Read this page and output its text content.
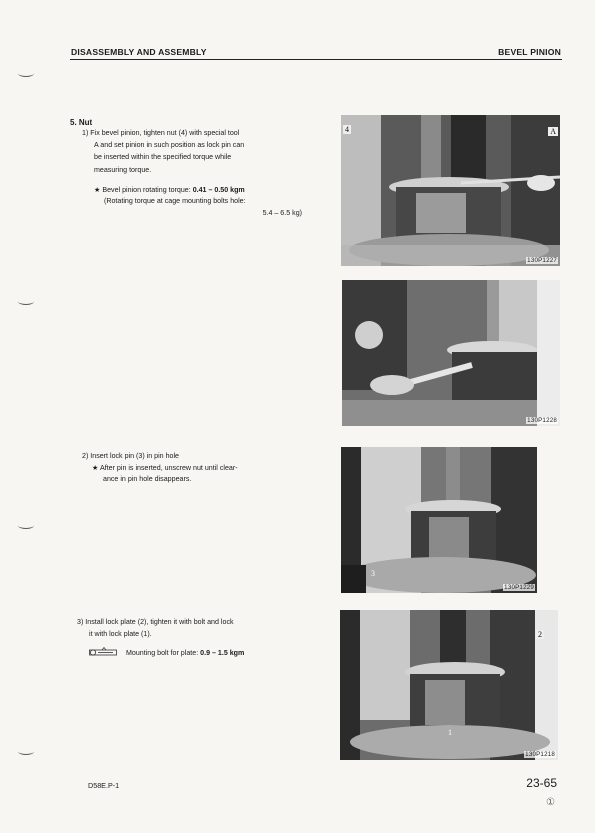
DISASSEMBLY AND ASSEMBLY	BEVEL PINION
5. Nut
1) Fix bevel pinion, tighten nut (4) with special tool
A and set pinion in such position as lock pin can
be inserted within the specified torque while
measuring torque.
★ Bevel pinion rotating torque: 0.41 – 0.50 kgm
(Rotating torque at cage mounting bolts hole:
5.4 – 6.5 kg)
2) Insert lock pin (3) in pin hole
★ After pin is inserted, unscrew nut until clear-
ance in pin hole disappears.
3) Install lock plate (2), tighten it with bolt and lock
it with lock plate (1).
Mounting bolt for plate: 0.9 – 1.5 kgm
130P1227
4	A
130P1228
130P1229
3
130P1218
2
1
D58E.P-1	23-65
①
